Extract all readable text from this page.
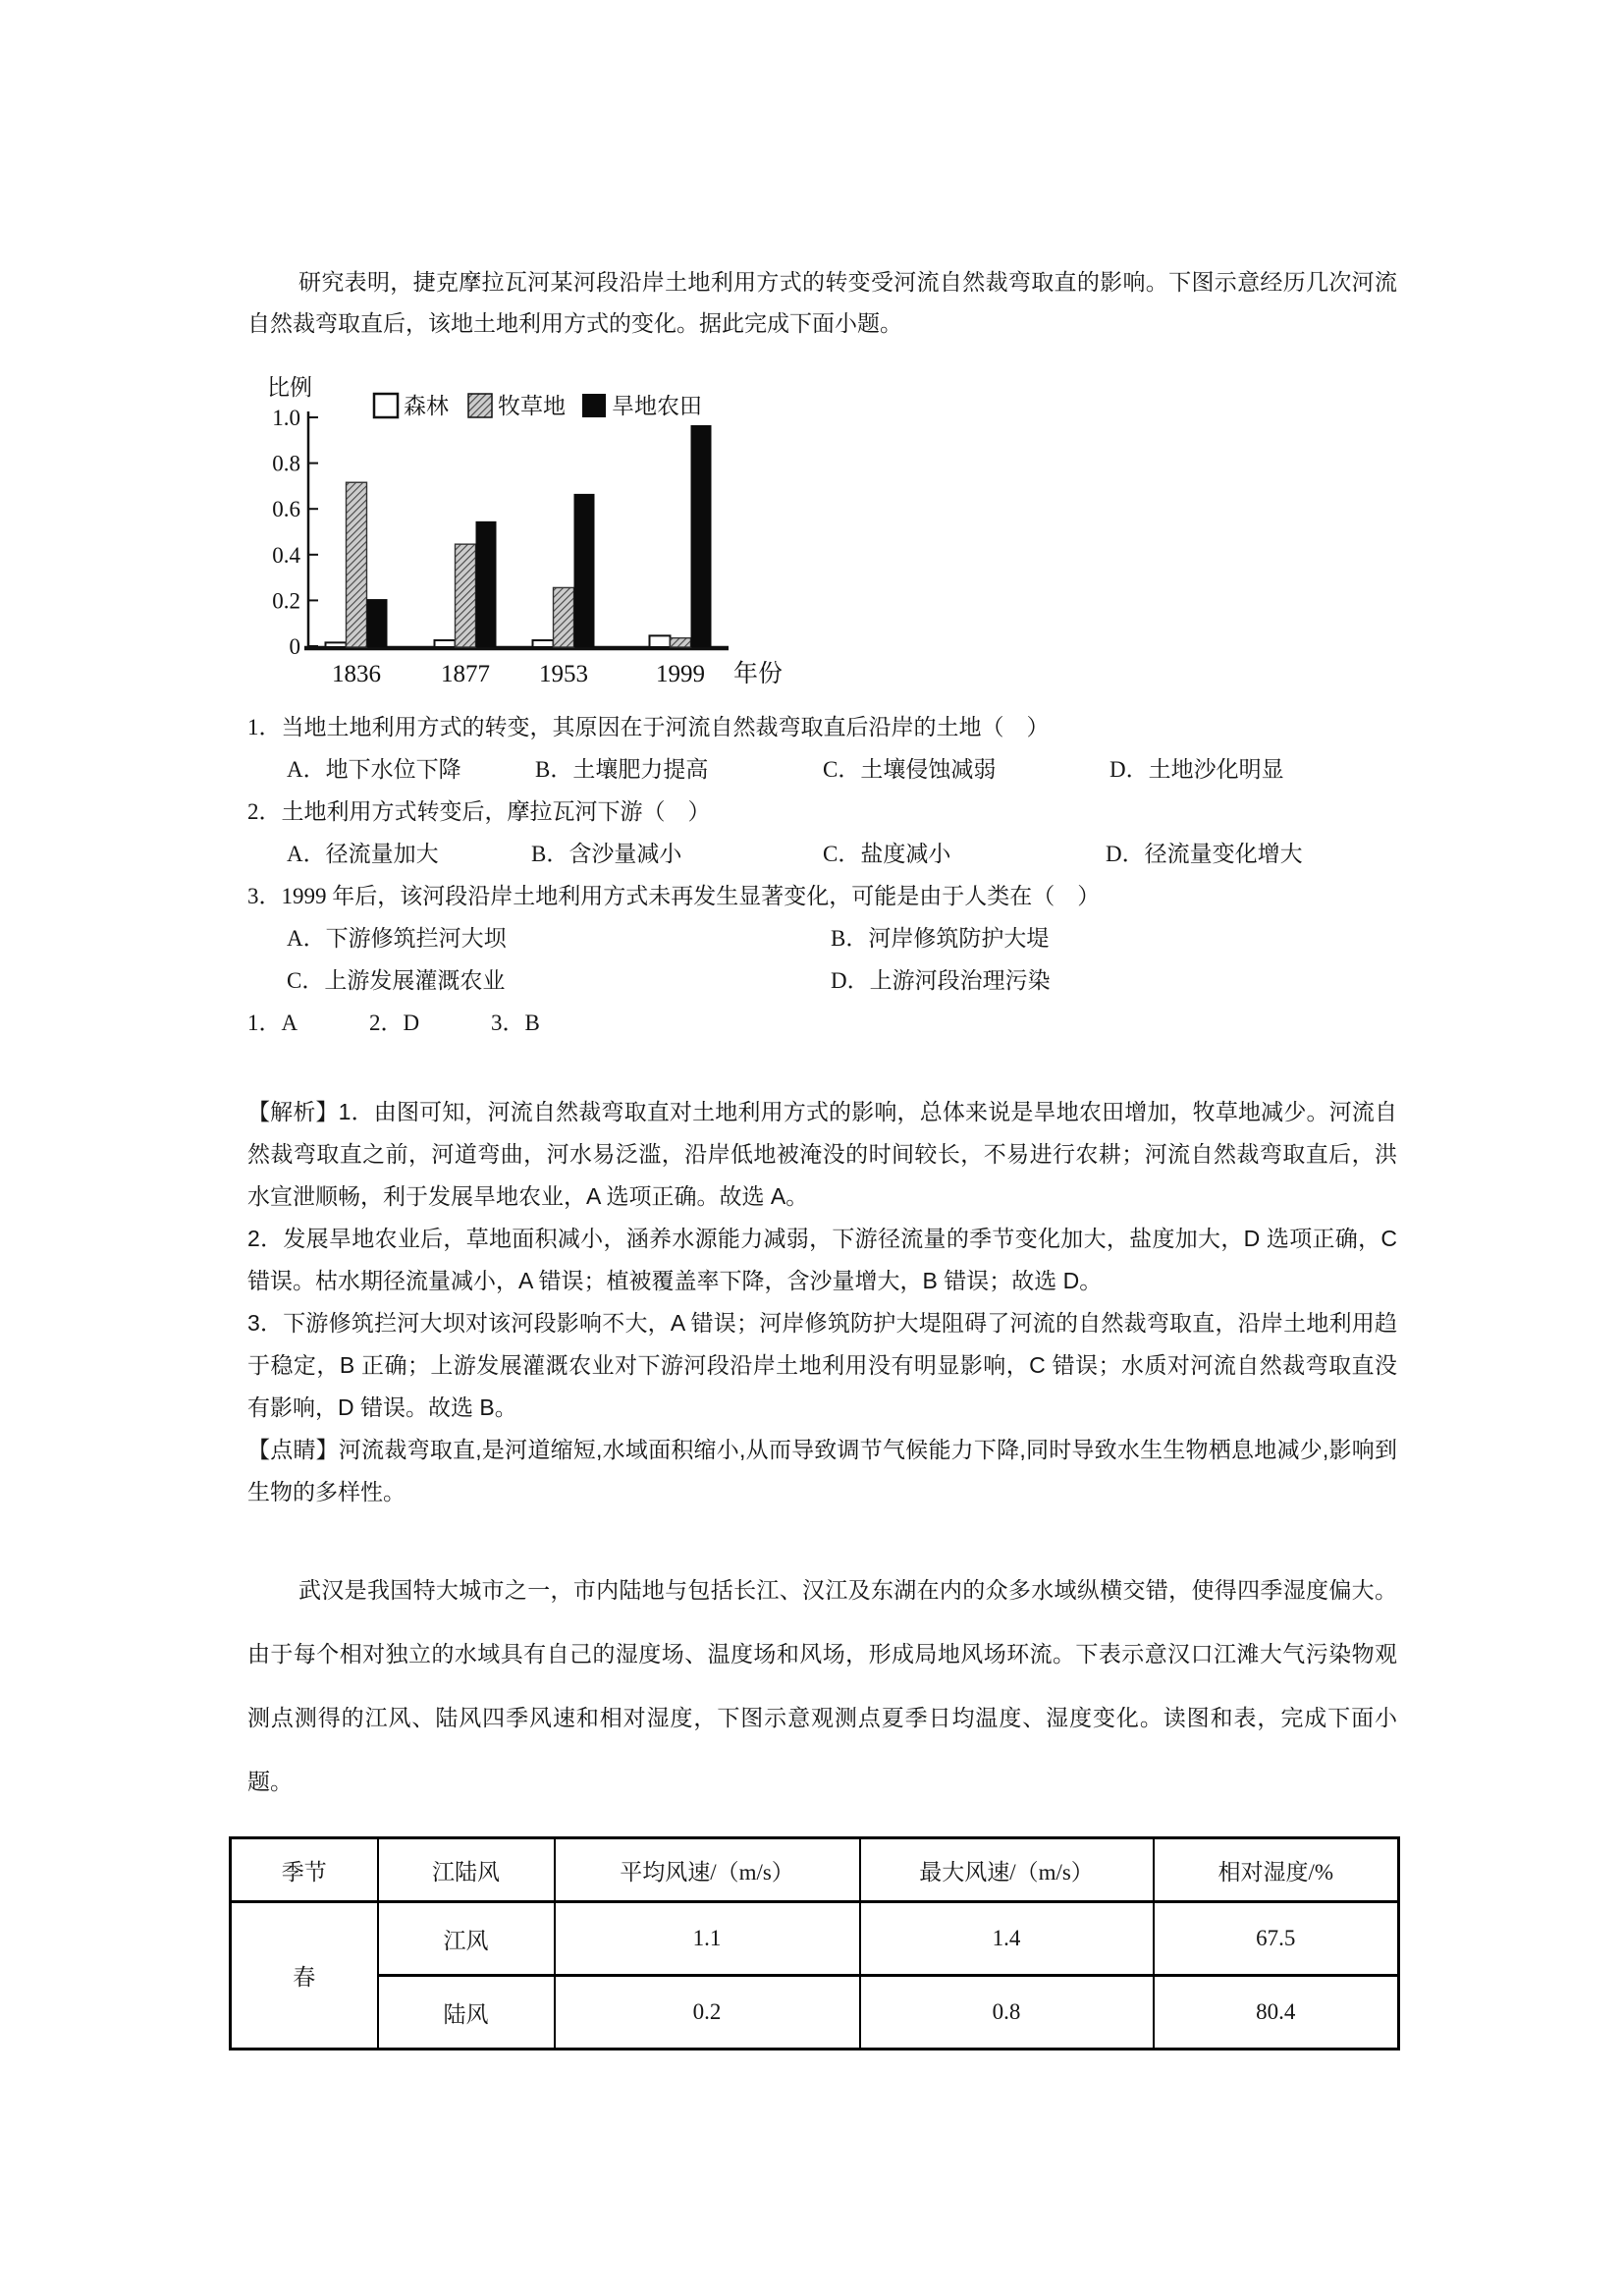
研究表明，捷克摩拉瓦河某河段沿岸土地利用方式的转变受河流自然裁弯取直的影响。下图示意经历几次河流自然裁弯取直后，该地土地利用方式的变化。据此完成下面小题。

比例
森林 牧草地 旱地农田
0
0.2
0.4
0.6
0.8
1.0
1836 1877 1953	1999 年份
1．当地土地利用方式的转变，其原因在于河流自然裁弯取直后沿岸的土地（　）
A．地下水位下降	B．土壤肥力提高	C．土壤侵蚀减弱	D．土地沙化明显
2．土地利用方式转变后，摩拉瓦河下游（　）
A．径流量加大	B．含沙量减小	C．盐度减小	D．径流量变化增大
3．1999 年后，该河段沿岸土地利用方式未再发生显著变化，可能是由于人类在（　）
A．下游修筑拦河大坝	B．河岸修筑防护大堤
C．上游发展灌溉农业	D．上游河段治理污染
1．A	2．D	3．B
【解析】1．由图可知，河流自然裁弯取直对土地利用方式的影响，总体来说是旱地农田增加，牧草地减少。河流自然裁弯取直之前，河道弯曲，河水易泛滥，沿岸低地被淹没的时间较长，不易进行农耕；河流自然裁弯取直后，洪水宣泄顺畅，利于发展旱地农业，A 选项正确。故选 A。
2．发展旱地农业后，草地面积减小，涵养水源能力减弱，下游径流量的季节变化加大，盐度加大，D 选项正确，C 错误。枯水期径流量减小，A 错误；植被覆盖率下降，含沙量增大，B 错误；故选 D。
3．下游修筑拦河大坝对该河段影响不大，A 错误；河岸修筑防护大堤阻碍了河流的自然裁弯取直，沿岸土地利用趋于稳定，B 正确；上游发展灌溉农业对下游河段沿岸土地利用没有明显影响，C 错误；水质对河流自然裁弯取直没有影响，D 错误。故选 B。
【点睛】河流裁弯取直,是河道缩短,水域面积缩小,从而导致调节气候能力下降,同时导致水生生物栖息地减少,影响到生物的多样性。

武汉是我国特大城市之一，市内陆地与包括长江、汉江及东湖在内的众多水域纵横交错，使得四季湿度偏大。由于每个相对独立的水域具有自己的湿度场、温度场和风场，形成局地风场环流。下表示意汉口江滩大气污染物观测点测得的江风、陆风四季风速和相对湿度，下图示意观测点夏季日均温度、湿度变化。读图和表，完成下面小题。

季节	江陆风	平均风速/（m/s）	最大风速/（m/s）	相对湿度/%
春	江风	1.1	1.4	67.5
	陆风	0.2	0.8	80.4
